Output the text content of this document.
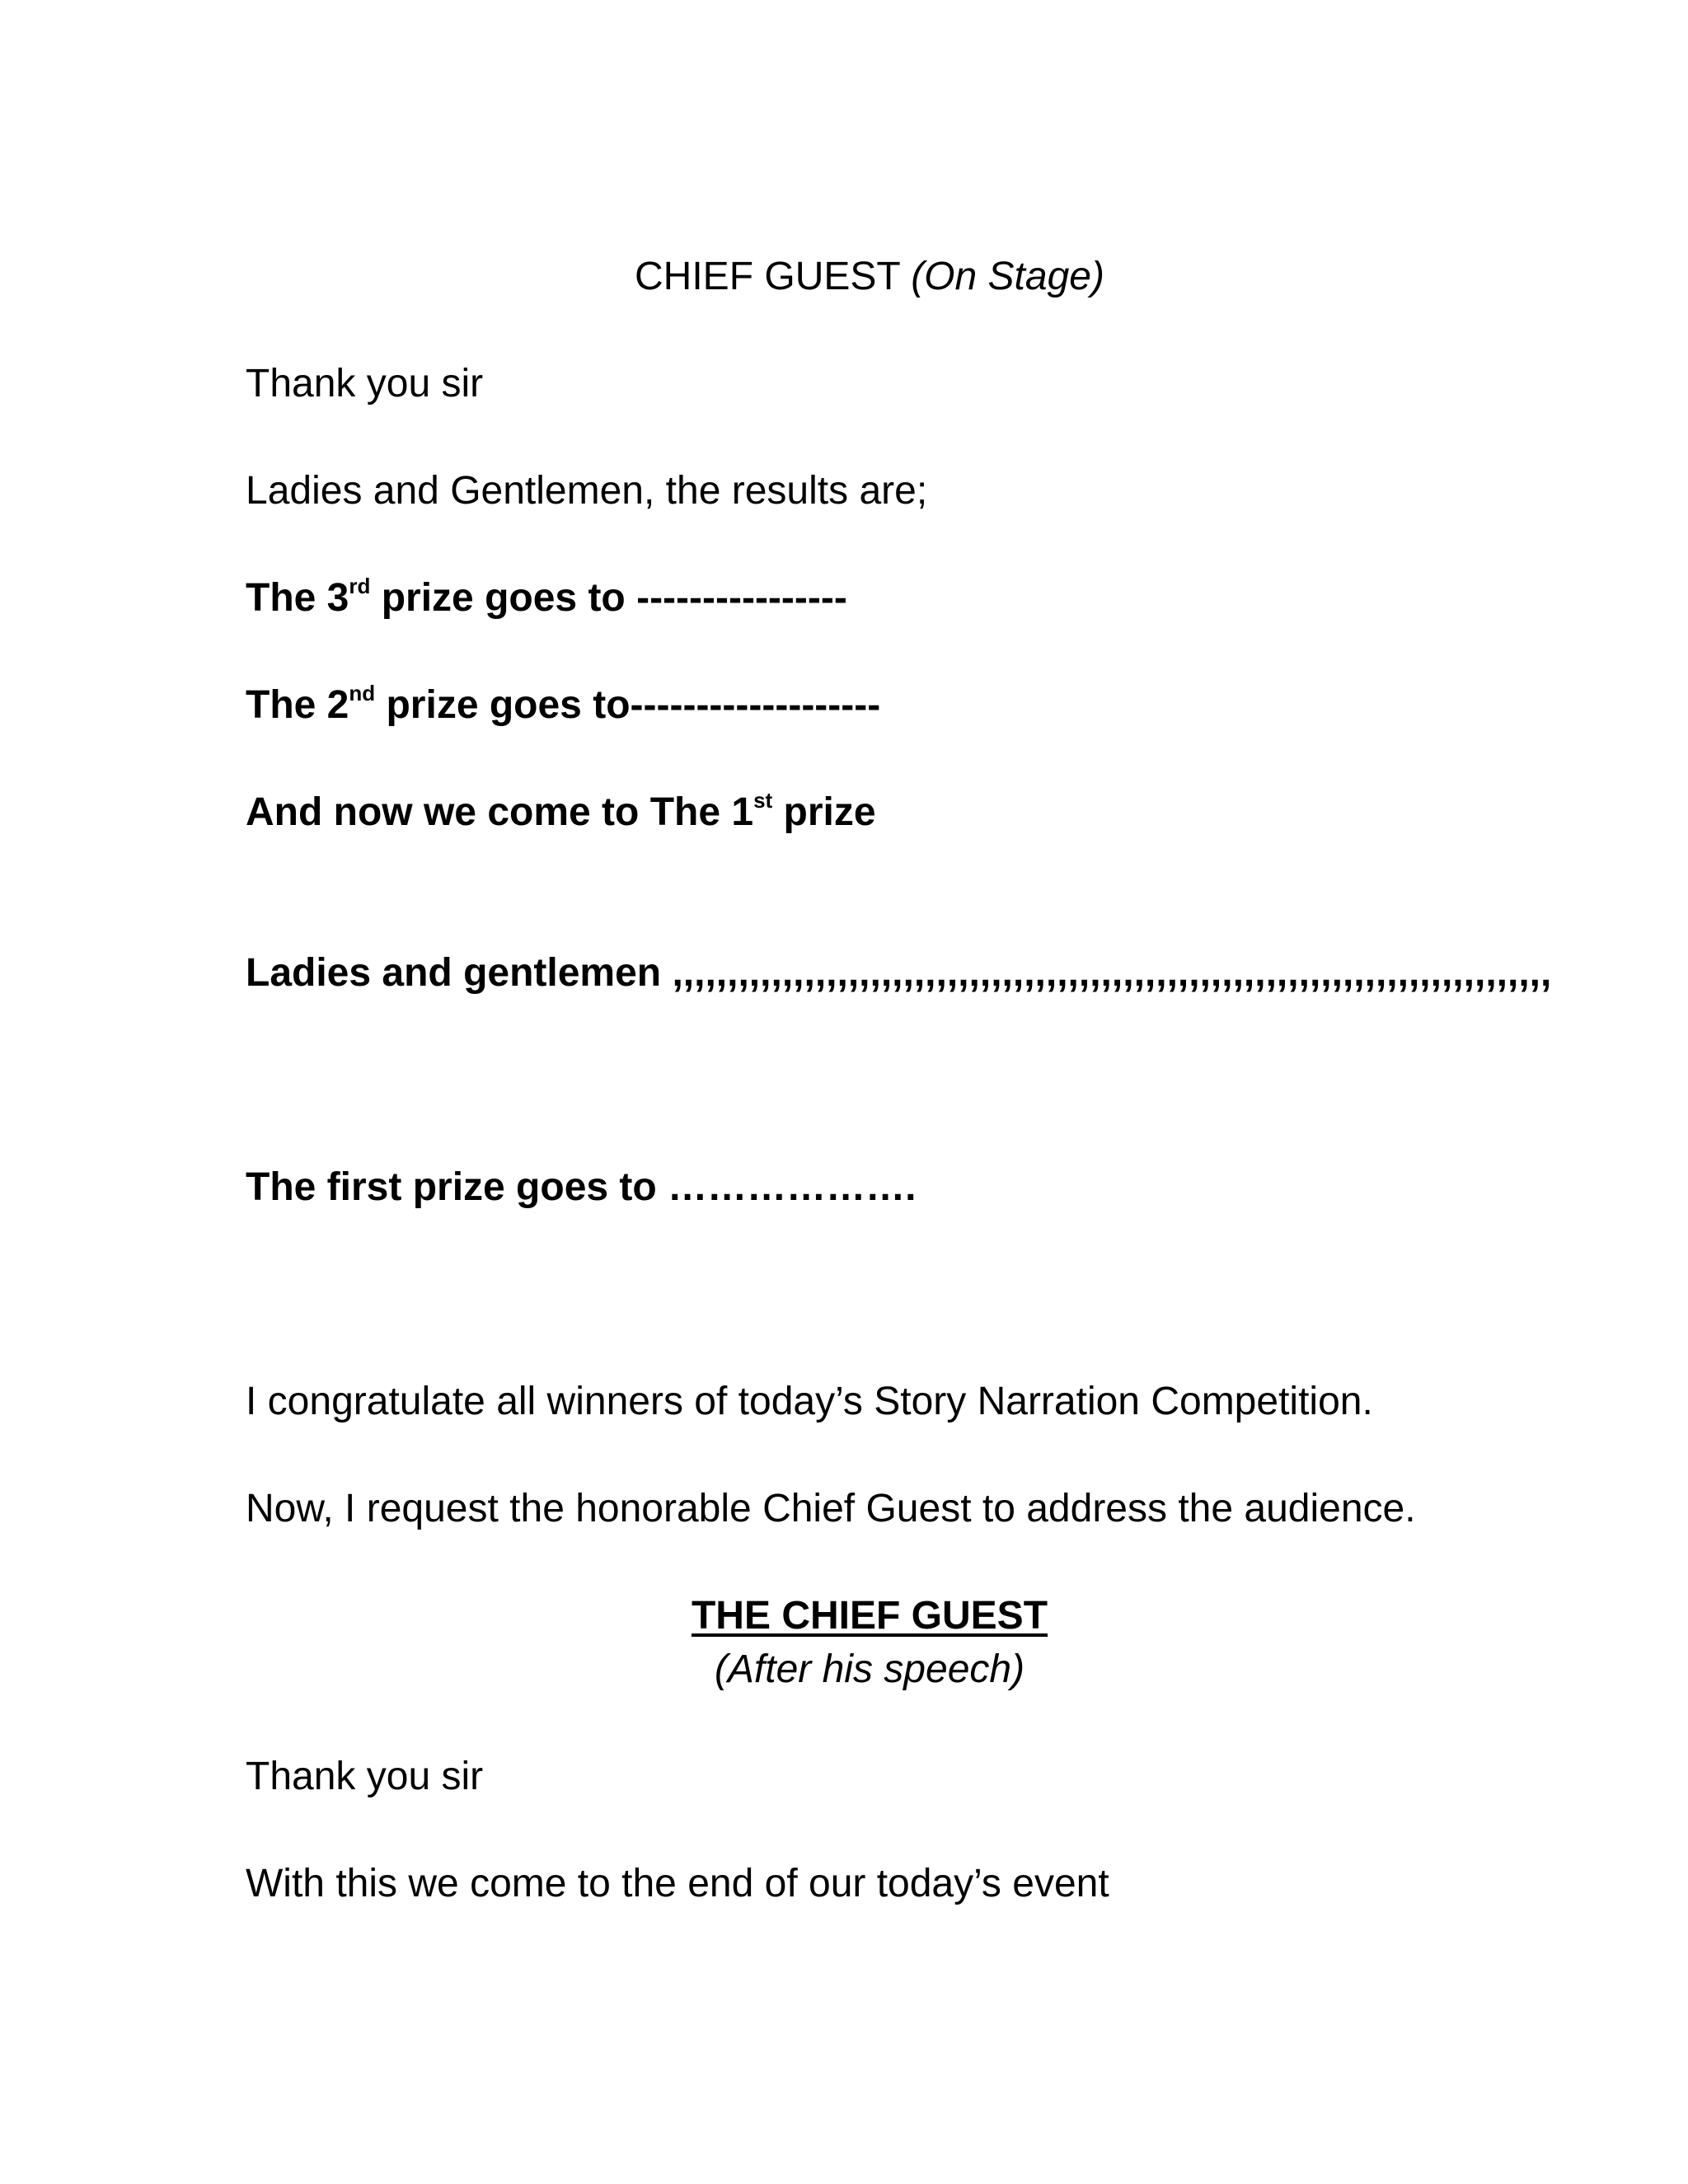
CHIEF GUEST (On Stage)
Thank you sir
Ladies and Gentlemen, the results are;
The 3rd prize goes to ----------------
The 2nd prize goes to-------------------
And now we come to The 1st prize
Ladies and gentlemen ,,,,,,,,,,,,,,,,,,,,,,,,,,,,,,,,,,,,,,,,,,,,,,,,,,,,,,,,,,,,,,,,,,,,,,,,,,,,,,,,
The first prize goes to ……………….
I congratulate all winners of today’s Story Narration Competition.
Now, I request the honorable Chief Guest to address the audience.
THE CHIEF GUEST
(After his speech)
Thank you sir
With this we come to the end of our today’s event
